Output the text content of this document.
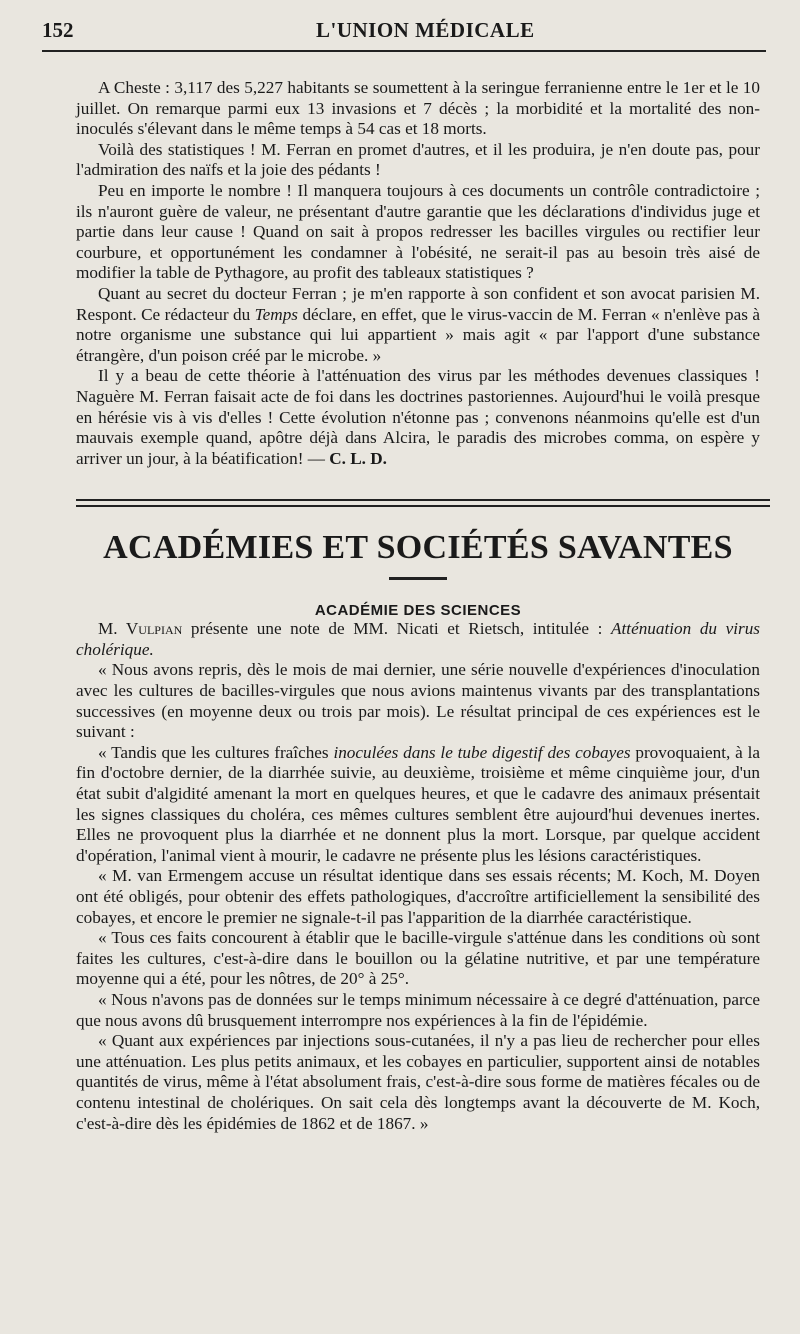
152	L'UNION MÉDICALE

A Cheste : 3,117 des 5,227 habitants se soumettent à la seringue ferranienne entre le 1er et le 10 juillet. On remarque parmi eux 13 invasions et 7 décès ; la morbidité et la mortalité des non-inoculés s'élevant dans le même temps à 54 cas et 18 morts.

Voilà des statistiques ! M. Ferran en promet d'autres, et il les produira, je n'en doute pas, pour l'admiration des naïfs et la joie des pédants !

Peu en importe le nombre ! Il manquera toujours à ces documents un contrôle contradictoire ; ils n'auront guère de valeur, ne présentant d'autre garantie que les déclarations d'individus juge et partie dans leur cause ! Quand on sait à propos redresser les bacilles virgules ou rectifier leur courbure, et opportunément les condamner à l'obésité, ne serait-il pas au besoin très aisé de modifier la table de Pythagore, au profit des tableaux statistiques ?

Quant au secret du docteur Ferran ; je m'en rapporte à son confident et son avocat parisien M. Respont. Ce rédacteur du Temps déclare, en effet, que le virus-vaccin de M. Ferran « n'enlève pas à notre organisme une substance qui lui appartient » mais agit « par l'apport d'une substance étrangère, d'un poison créé par le microbe. »

Il y a beau de cette théorie à l'atténuation des virus par les méthodes devenues classiques ! Naguère M. Ferran faisait acte de foi dans les doctrines pastoriennes. Aujourd'hui le voilà presque en hérésie vis à vis d'elles ! Cette évolution n'étonne pas ; convenons néanmoins qu'elle est d'un mauvais exemple quand, apôtre déjà dans Alcira, le paradis des microbes comma, on espère y arriver un jour, à la béatification! — C. L. D.

ACADÉMIES ET SOCIÉTÉS SAVANTES
ACADÉMIE DES SCIENCES

M. Vulpian présente une note de MM. Nicati et Rietsch, intitulée : Atténuation du virus cholérique.

« Nous avons repris, dès le mois de mai dernier, une série nouvelle d'expériences d'inoculation avec les cultures de bacilles-virgules que nous avions maintenus vivants par des transplantations successives (en moyenne deux ou trois par mois). Le résultat principal de ces expériences est le suivant :

« Tandis que les cultures fraîches inoculées dans le tube digestif des cobayes provoquaient, à la fin d'octobre dernier, de la diarrhée suivie, au deuxième, troisième et même cinquième jour, d'un état subit d'algidité amenant la mort en quelques heures, et que le cadavre des animaux présentait les signes classiques du choléra, ces mêmes cultures semblent être aujourd'hui devenues inertes. Elles ne provoquent plus la diarrhée et ne donnent plus la mort. Lorsque, par quelque accident d'opération, l'animal vient à mourir, le cadavre ne présente plus les lésions caractéristiques.

« M. van Ermengem accuse un résultat identique dans ses essais récents; M. Koch, M. Doyen ont été obligés, pour obtenir des effets pathologiques, d'accroître artificiellement la sensibilité des cobayes, et encore le premier ne signale-t-il pas l'apparition de la diarrhée caractéristique.

« Tous ces faits concourent à établir que le bacille-virgule s'atténue dans les conditions où sont faites les cultures, c'est-à-dire dans le bouillon ou la gélatine nutritive, et par une température moyenne qui a été, pour les nôtres, de 20° à 25°.

« Nous n'avons pas de données sur le temps minimum nécessaire à ce degré d'atténuation, parce que nous avons dû brusquement interrompre nos expériences à la fin de l'épidémie.

« Quant aux expériences par injections sous-cutanées, il n'y a pas lieu de rechercher pour elles une atténuation. Les plus petits animaux, et les cobayes en particulier, supportent ainsi de notables quantités de virus, même à l'état absolument frais, c'est-à-dire sous forme de matières fécales ou de contenu intestinal de cholériques. On sait cela dès longtemps avant la découverte de M. Koch, c'est-à-dire dès les épidémies de 1862 et de 1867. »
